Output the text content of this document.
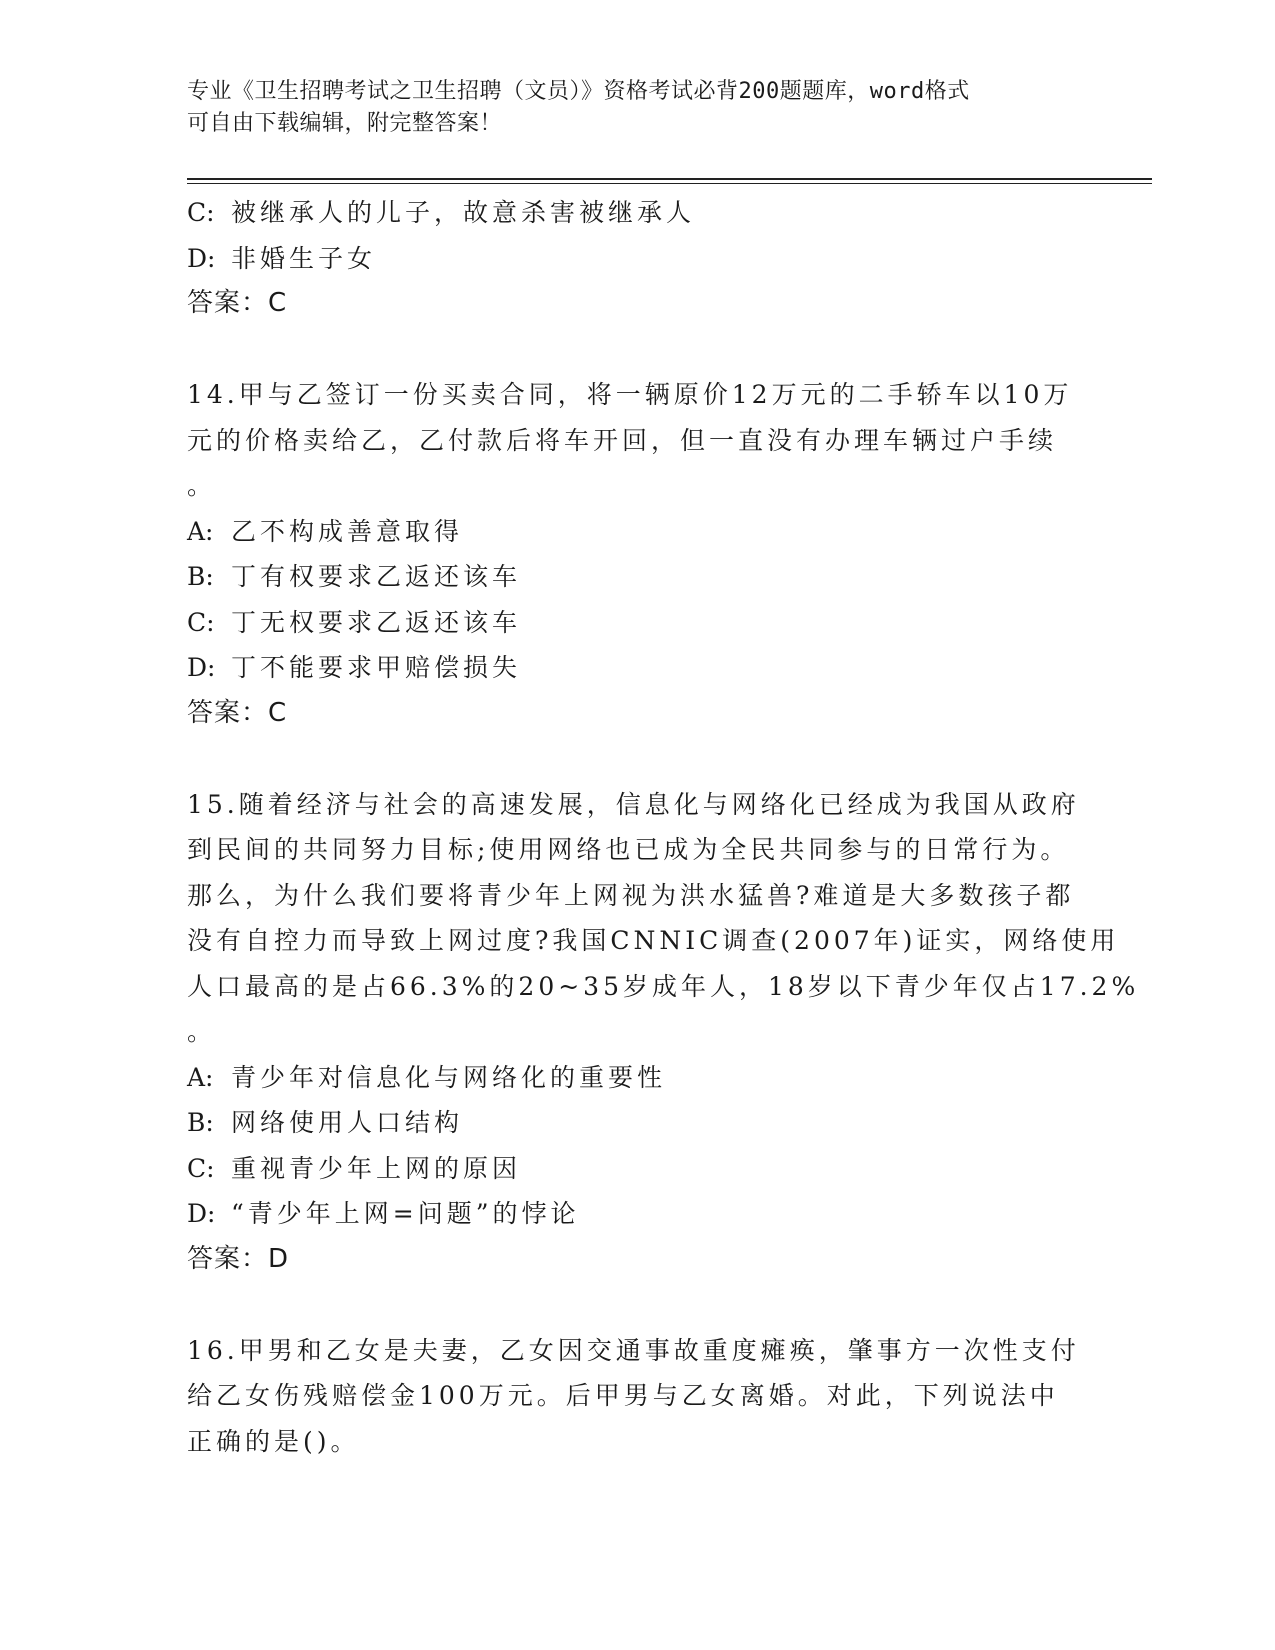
专业《卫生招聘考试之卫生招聘（文员）》资格考试必背200题题库，word格式
可自由下载编辑，附完整答案！
C: 被继承人的儿子，故意杀害被继承人
D: 非婚生子女
答案：C
14.甲与乙签订一份买卖合同，将一辆原价12万元的二手轿车以10万
元的价格卖给乙，乙付款后将车开回，但一直没有办理车辆过户手续
。
A: 乙不构成善意取得
B: 丁有权要求乙返还该车
C: 丁无权要求乙返还该车
D: 丁不能要求甲赔偿损失
答案：C
15.随着经济与社会的高速发展，信息化与网络化已经成为我国从政府
到民间的共同努力目标;使用网络也已成为全民共同参与的日常行为。
那么，为什么我们要将青少年上网视为洪水猛兽?难道是大多数孩子都
没有自控力而导致上网过度?我国CNNIC调查(2007年)证实，网络使用
人口最高的是占66.3%的20~35岁成年人，18岁以下青少年仅占17.2%
。
A: 青少年对信息化与网络化的重要性
B: 网络使用人口结构
C: 重视青少年上网的原因
D: “青少年上网=问题”的悖论
答案：D
16.甲男和乙女是夫妻，乙女因交通事故重度瘫痪，肇事方一次性支付
给乙女伤残赔偿金100万元。后甲男与乙女离婚。对此，下列说法中
正确的是()。
